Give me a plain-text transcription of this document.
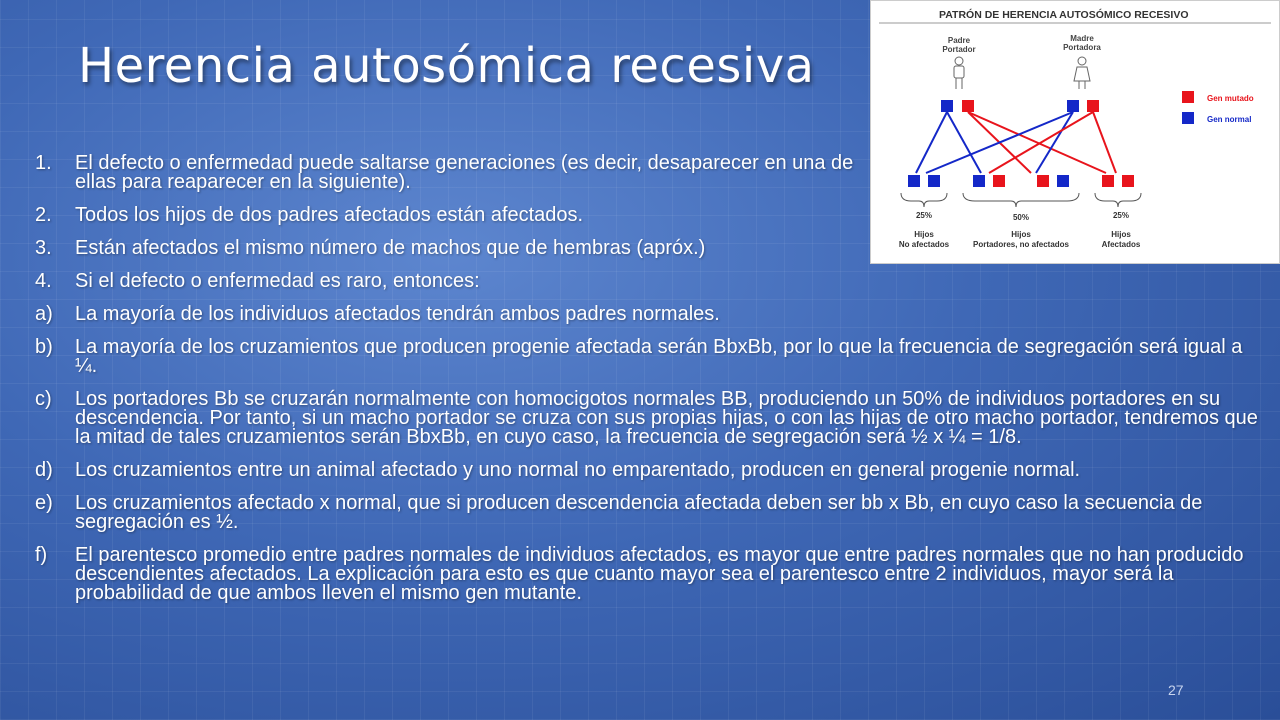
Herencia autosómica recesiva
1.	El defecto o enfermedad puede saltarse generaciones (es decir, desaparecer en una de ellas para reaparecer en la siguiente).
2.	Todos los hijos de dos padres afectados están afectados.
3.	Están afectados el mismo número de machos que de hembras (apróx.)
4.	Si el defecto o enfermedad es raro, entonces:
a)	La mayoría de los individuos afectados tendrán ambos padres normales.
b)	La mayoría de los cruzamientos que producen progenie afectada serán BbxBb, por lo que la frecuencia de segregación será igual a ¼.
c)	Los portadores Bb se cruzarán normalmente con homocigotos normales BB, produciendo un 50% de individuos portadores en su descendencia. Por tanto, si un macho portador se cruza con sus propias hijas, o con las hijas de otro macho portador, tendremos que la mitad de tales cruzamientos serán BbxBb, en cuyo caso, la frecuencia de segregación será ½ x ¼ = 1/8.
d)	Los cruzamientos entre un animal afectado y uno normal no emparentado, producen en general progenie normal.
e)	Los cruzamientos afectado x normal, que si producen descendencia afectada deben ser bb x Bb, en cuyo caso la secuencia de segregación es ½.
f)	El parentesco promedio entre padres normales de individuos afectados, es mayor que entre padres normales que no han producido descendientes afectados. La explicación para esto es que cuanto mayor sea el parentesco entre 2 individuos, mayor será la probabilidad de que ambos lleven el mismo gen mutante.
PATRÓN DE HERENCIA AUTOSÓMICO RECESIVO
Padre
Portador
Madre
Portadora
25%
Hijos
No afectados
50%
Hijos
Portadores, no afectados
25%
Hijos
Afectados
Gen mutado
Gen normal
27
